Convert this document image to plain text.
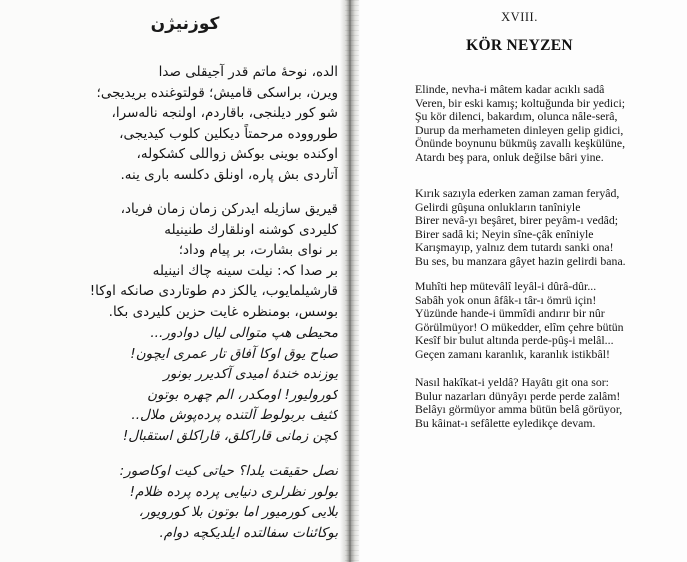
کوزنیژن
الده، نوحهٔ ماتم قدر آجیقلی صدا
ویرن، براسکی قامیش؛ قولتوغنده بریدیجی؛
شو کور دیلنجی، باقاردم، اولنجه ناله‌سرا،
طورووده مرحمتاً دیکلین کلوب کیدیجی،
اوکنده بوینی بوکش زواللی کشکوله،
آتاردی بش پاره، اونلق دکلسه باری ینه.
قیریق سازیله ایدرکن زمان زمان فریاد،
کلیردی کوشنه اونلقارك طنینیله
بر نوای بشارت، بر پیام وداد؛
بر صدا کہ: نیلت سینه چاك انینیله
قارشیلمایوب، یالکز دم طوتاردی صانکه اوکا!
بوسس، بومنظره غایت حزین کلیردی بکا.
محیطی هپ متوالی لیال دوادور...
صباح یوق اوکا آفاق تار عمری ایچون!
یوزنده خندهٔ امیدی آکدیرر بونور
کورولیور! اومکدر، الم چهره بوتون
کثیف بربولوط آلتنده پرده‌پوش ملال..
کچن زمانی قاراکلق، قاراکلق استقبال!
نصل حقیقت یلدا؟ حیاتی کیت اوکاصور:
بولور نظرلری دنیایی پرده پرده ظلام!
بلایی کورمیور اما بوتون بلا کورویور،
بوکائنات سفالتده ایلدیکچه دوام.
XVIII.
KÖR NEYZEN
Elinde, nevha-i mâtem kadar acıklı sadâ
Veren, bir eski kamış; koltuğunda bir yedici;
Şu kör dilenci, bakardım, olunca nâle-serâ,
Durup da merhameten dinleyen gelip gidici,
Önünde boynunu bükmüş zavallı keşkülüne,
Atardı beş para, onluk değilse bâri yine.
Kırık sazıyla ederken zaman zaman feryâd,
Gelirdi gûşuna onlukların tanîniyle
Birer nevâ-yı beşâret, birer peyâm-ı vedâd;
Birer sadâ ki; Neyin sîne-çâk enîniyle
Karışmayıp, yalnız dem tutardı sanki ona!
Bu ses, bu manzara gâyet hazin gelirdi bana.
Muhîti hep mütevâlî leyâl-i dûrâ-dûr...
Sabâh yok onun âfâk-ı târ-ı ömrü için!
Yüzünde hande-i ümmîdi andırır bir nûr
Görülmüyor! O mükedder, elîm çehre bütün
Kesîf bir bulut altında perde-pûş-i melâl...
Geçen zamanı karanlık, karanlık istikbâl!
Nasıl hakîkat-i yeldâ? Hayâtı git ona sor:
Bulur nazarları dünyâyı perde perde zalâm!
Belâyı görmüyor amma bütün belâ görüyor,
Bu kâinat-ı sefâlette eyledikçe devam.
